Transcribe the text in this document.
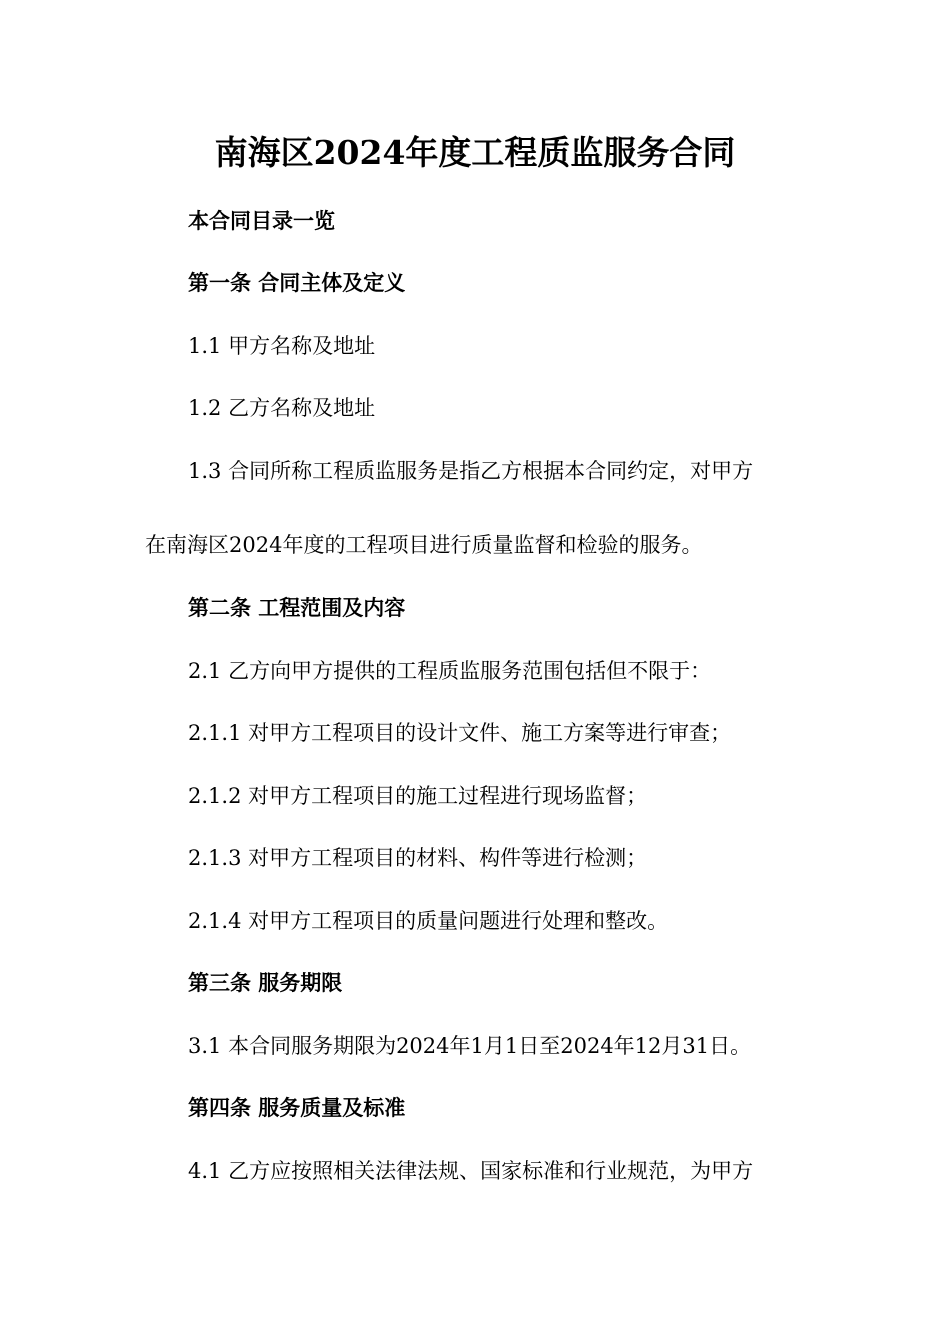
南海区2024年度工程质监服务合同
本合同目录一览
第一条 合同主体及定义
1.1 甲方名称及地址
1.2 乙方名称及地址
1.3 合同所称工程质监服务是指乙方根据本合同约定，对甲方
在南海区2024年度的工程项目进行质量监督和检验的服务。
第二条 工程范围及内容
2.1 乙方向甲方提供的工程质监服务范围包括但不限于：
2.1.1 对甲方工程项目的设计文件、施工方案等进行审查；
2.1.2 对甲方工程项目的施工过程进行现场监督；
2.1.3 对甲方工程项目的材料、构件等进行检测；
2.1.4 对甲方工程项目的质量问题进行处理和整改。
第三条 服务期限
3.1 本合同服务期限为2024年1月1日至2024年12月31日。
第四条 服务质量及标准
4.1 乙方应按照相关法律法规、国家标准和行业规范，为甲方
